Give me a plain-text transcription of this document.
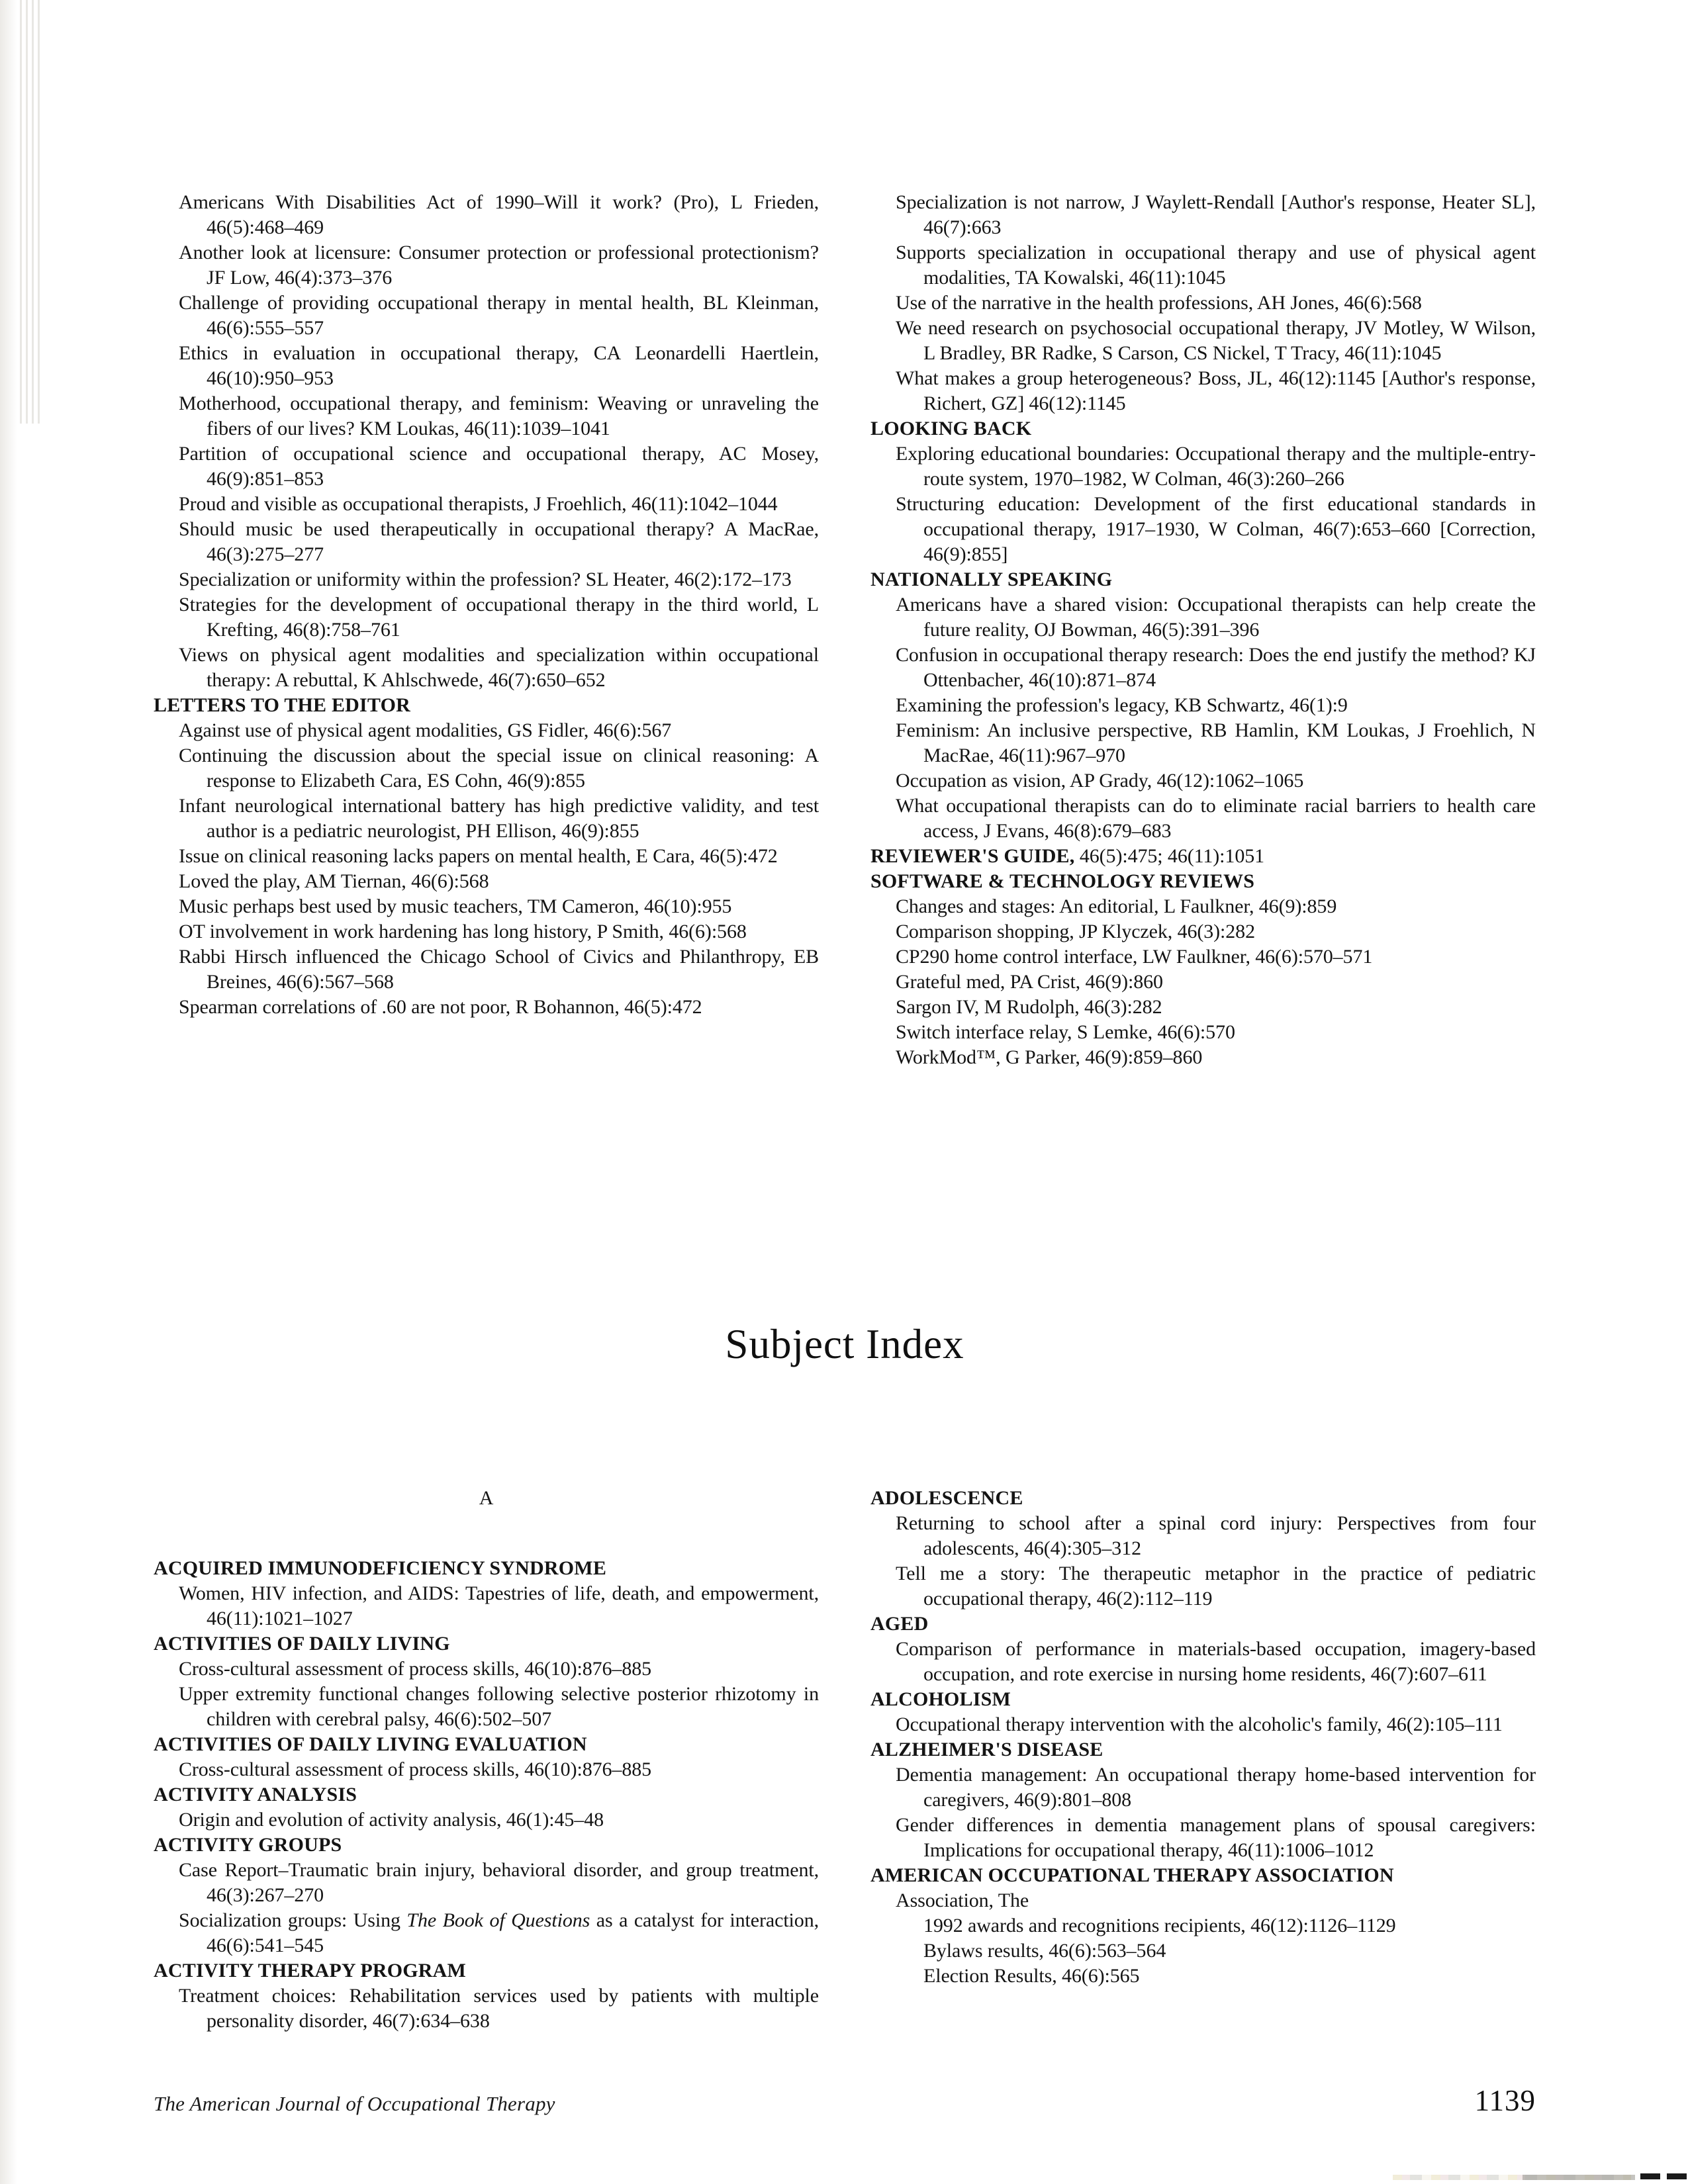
Americans With Disabilities Act of 1990–Will it work? (Pro), L Frieden, 46(5):468–469
Another look at licensure: Consumer protection or professional protectionism? JF Low, 46(4):373–376
Challenge of providing occupational therapy in mental health, BL Kleinman, 46(6):555–557
Ethics in evaluation in occupational therapy, CA Leonardelli Haertlein, 46(10):950–953
Motherhood, occupational therapy, and feminism: Weaving or unraveling the fibers of our lives? KM Loukas, 46(11):1039–1041
Partition of occupational science and occupational therapy, AC Mosey, 46(9):851–853
Proud and visible as occupational therapists, J Froehlich, 46(11):1042–1044
Should music be used therapeutically in occupational therapy? A MacRae, 46(3):275–277
Specialization or uniformity within the profession? SL Heater, 46(2):172–173
Strategies for the development of occupational therapy in the third world, L Krefting, 46(8):758–761
Views on physical agent modalities and specialization within occupational therapy: A rebuttal, K Ahlschwede, 46(7):650–652
LETTERS TO THE EDITOR
Against use of physical agent modalities, GS Fidler, 46(6):567
Continuing the discussion about the special issue on clinical reasoning: A response to Elizabeth Cara, ES Cohn, 46(9):855
Infant neurological international battery has high predictive validity, and test author is a pediatric neurologist, PH Ellison, 46(9):855
Issue on clinical reasoning lacks papers on mental health, E Cara, 46(5):472
Loved the play, AM Tiernan, 46(6):568
Music perhaps best used by music teachers, TM Cameron, 46(10):955
OT involvement in work hardening has long history, P Smith, 46(6):568
Rabbi Hirsch influenced the Chicago School of Civics and Philanthropy, EB Breines, 46(6):567–568
Spearman correlations of .60 are not poor, R Bohannon, 46(5):472
Specialization is not narrow, J Waylett-Rendall [Author's response, Heater SL], 46(7):663
Supports specialization in occupational therapy and use of physical agent modalities, TA Kowalski, 46(11):1045
Use of the narrative in the health professions, AH Jones, 46(6):568
We need research on psychosocial occupational therapy, JV Motley, W Wilson, L Bradley, BR Radke, S Carson, CS Nickel, T Tracy, 46(11):1045
What makes a group heterogeneous? Boss, JL, 46(12):1145 [Author's response, Richert, GZ] 46(12):1145
LOOKING BACK
Exploring educational boundaries: Occupational therapy and the multiple-entry-route system, 1970–1982, W Colman, 46(3):260–266
Structuring education: Development of the first educational standards in occupational therapy, 1917–1930, W Colman, 46(7):653–660 [Correction, 46(9):855]
NATIONALLY SPEAKING
Americans have a shared vision: Occupational therapists can help create the future reality, OJ Bowman, 46(5):391–396
Confusion in occupational therapy research: Does the end justify the method? KJ Ottenbacher, 46(10):871–874
Examining the profession's legacy, KB Schwartz, 46(1):9
Feminism: An inclusive perspective, RB Hamlin, KM Loukas, J Froehlich, N MacRae, 46(11):967–970
Occupation as vision, AP Grady, 46(12):1062–1065
What occupational therapists can do to eliminate racial barriers to health care access, J Evans, 46(8):679–683
REVIEWER'S GUIDE, 46(5):475; 46(11):1051
SOFTWARE & TECHNOLOGY REVIEWS
Changes and stages: An editorial, L Faulkner, 46(9):859
Comparison shopping, JP Klyczek, 46(3):282
CP290 home control interface, LW Faulkner, 46(6):570–571
Grateful med, PA Crist, 46(9):860
Sargon IV, M Rudolph, 46(3):282
Switch interface relay, S Lemke, 46(6):570
WorkMod™, G Parker, 46(9):859–860
Subject Index
A
ACQUIRED IMMUNODEFICIENCY SYNDROME
Women, HIV infection, and AIDS: Tapestries of life, death, and empowerment, 46(11):1021–1027
ACTIVITIES OF DAILY LIVING
Cross-cultural assessment of process skills, 46(10):876–885
Upper extremity functional changes following selective posterior rhizotomy in children with cerebral palsy, 46(6):502–507
ACTIVITIES OF DAILY LIVING EVALUATION
Cross-cultural assessment of process skills, 46(10):876–885
ACTIVITY ANALYSIS
Origin and evolution of activity analysis, 46(1):45–48
ACTIVITY GROUPS
Case Report–Traumatic brain injury, behavioral disorder, and group treatment, 46(3):267–270
Socialization groups: Using The Book of Questions as a catalyst for interaction, 46(6):541–545
ACTIVITY THERAPY PROGRAM
Treatment choices: Rehabilitation services used by patients with multiple personality disorder, 46(7):634–638
ADOLESCENCE
Returning to school after a spinal cord injury: Perspectives from four adolescents, 46(4):305–312
Tell me a story: The therapeutic metaphor in the practice of pediatric occupational therapy, 46(2):112–119
AGED
Comparison of performance in materials-based occupation, imagery-based occupation, and rote exercise in nursing home residents, 46(7):607–611
ALCOHOLISM
Occupational therapy intervention with the alcoholic's family, 46(2):105–111
ALZHEIMER'S DISEASE
Dementia management: An occupational therapy home-based intervention for caregivers, 46(9):801–808
Gender differences in dementia management plans of spousal caregivers: Implications for occupational therapy, 46(11):1006–1012
AMERICAN OCCUPATIONAL THERAPY ASSOCIATION
Association, The
1992 awards and recognitions recipients, 46(12):1126–1129
Bylaws results, 46(6):563–564
Election Results, 46(6):565
The American Journal of Occupational Therapy	1139
